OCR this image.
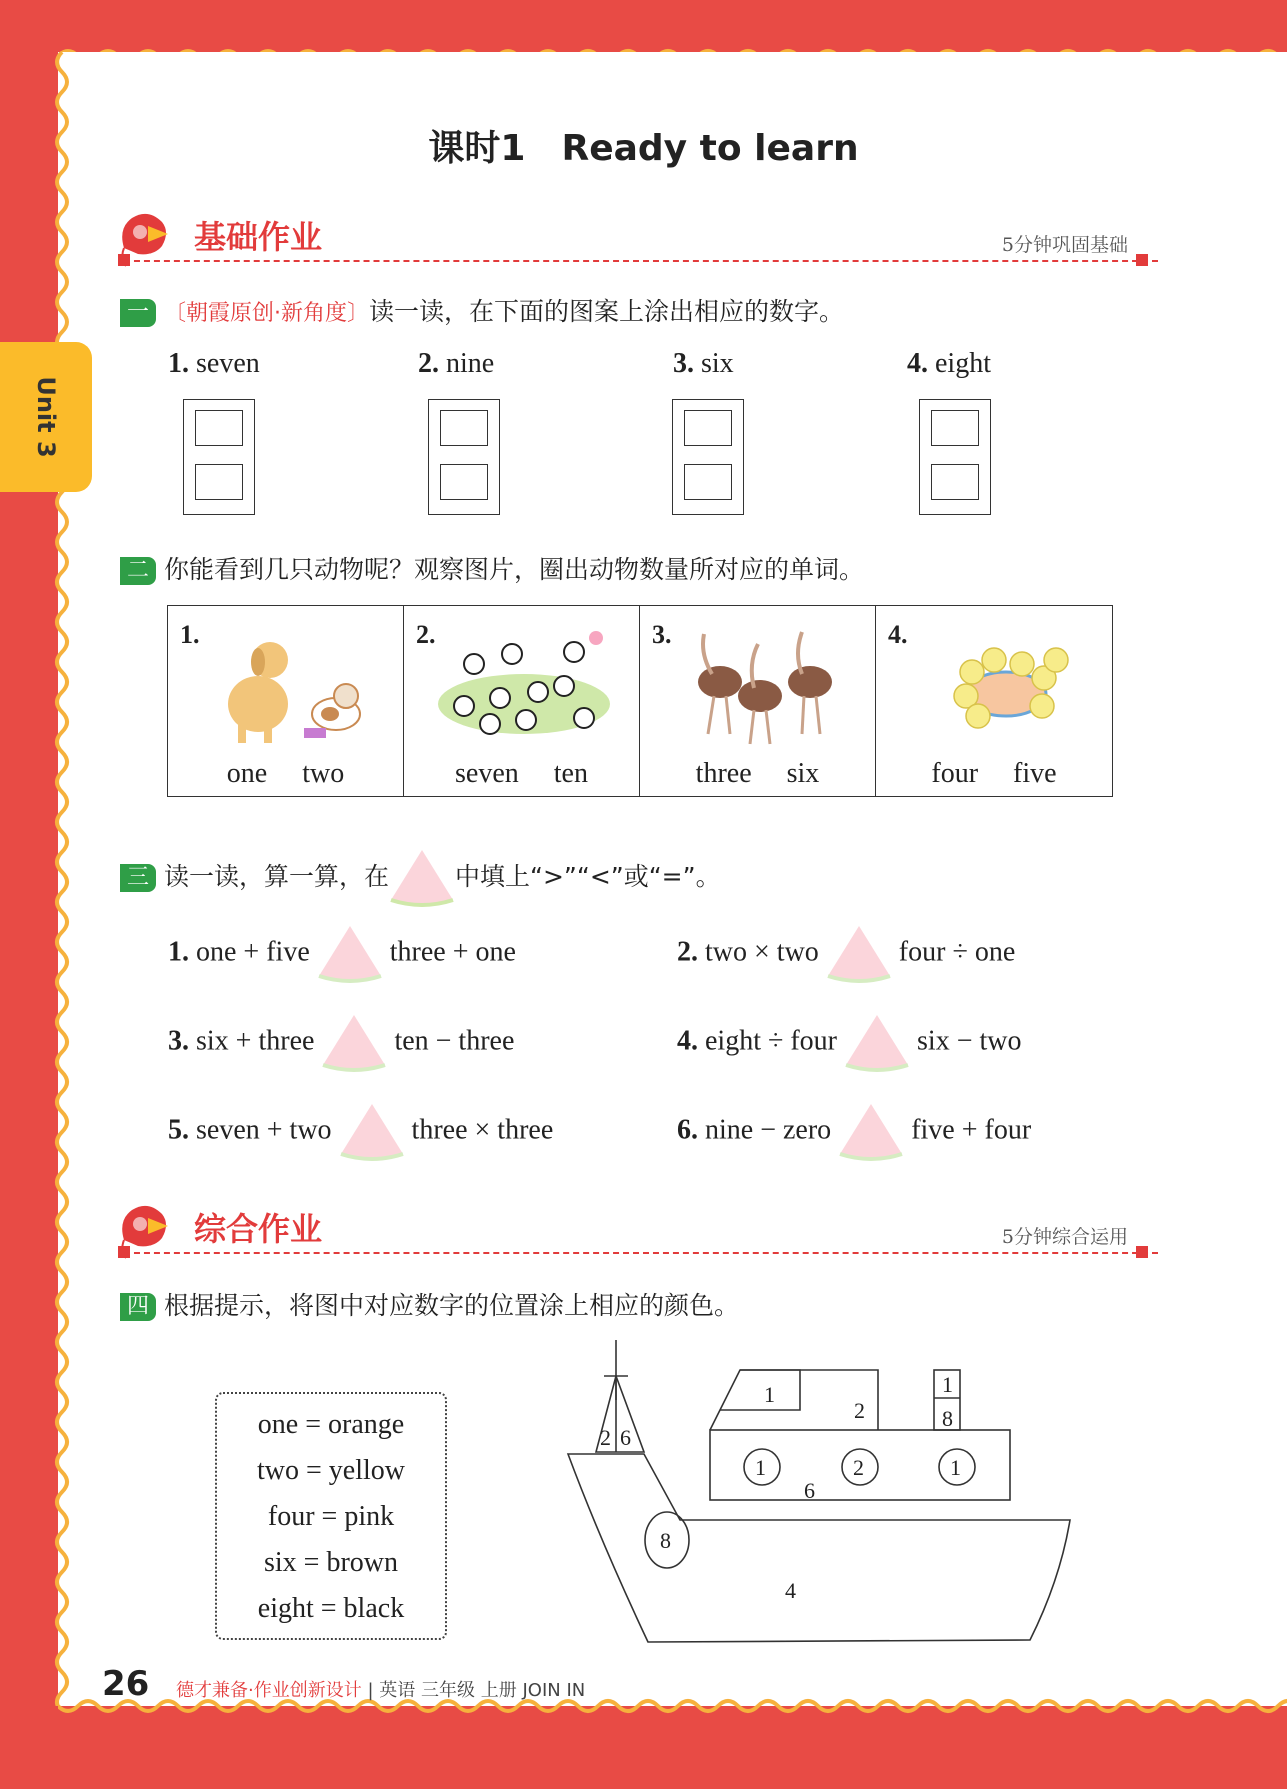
Unit 3
课时1　Ready to learn
基础作业	5分钟巩固基础
一 〔朝霞原创·新角度〕读一读，在下面的图案上涂出相应的数字。
1. seven	2. nine	3. six	4. eight
二 你能看到几只动物呢？观察图片，圈出动物数量所对应的单词。
1.
one two
2.
seven ten
3.
three six
4.
four five
三 读一读，算一算，在	中填上“>”“<”或“=”。
1. one + five	three + one	2. two × two	four ÷ one
3. six + three	ten − three	4. eight ÷ four	six − two
5. seven + two	three × three	6. nine − zero	five + four
综合作业	5分钟综合运用
四 根据提示，将图中对应数字的位置涂上相应的颜色。
one = orange
two = yellow
four = pink
six = brown
eight = black
1
2
1
8
2 6
1	2	1
6
8
4
26 德才兼备·作业创新设计 | 英语 三年级 上册 JOIN IN
